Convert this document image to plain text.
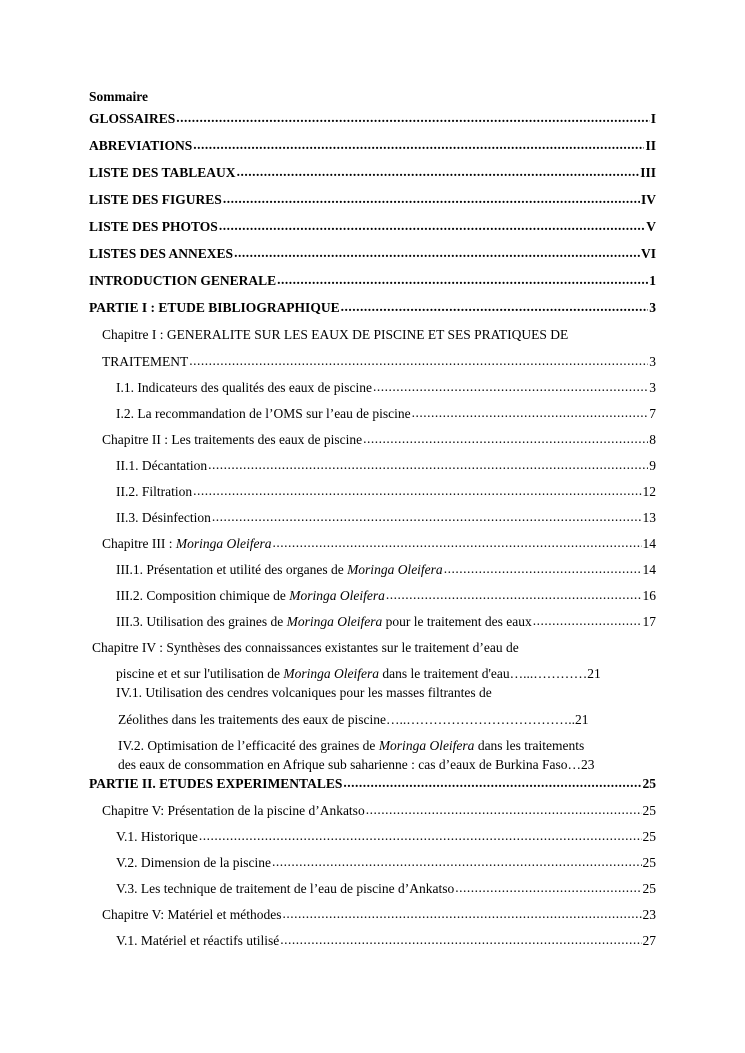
Sommaire
GLOSSAIRES .....	I
ABREVIATIONS .....	II
LISTE DES TABLEAUX .....	III
LISTE DES FIGURES .....	IV
LISTE DES PHOTOS .....	V
LISTES DES ANNEXES .....	VI
INTRODUCTION GENERALE .....	1
PARTIE I : ETUDE BIBLIOGRAPHIQUE .....	3
Chapitre I : GENERALITE SUR LES EAUX DE PISCINE ET SES PRATIQUES DE
TRAITEMENT .....	3
I.1. Indicateurs des qualités des eaux de piscine .....	3
I.2. La recommandation de l’OMS sur l’eau de piscine .....	7
Chapitre II : Les traitements des eaux de piscine .....	8
II.1. Décantation .....	9
II.2. Filtration .....	12
II.3. Désinfection .....	13
Chapitre III : Moringa Oleifera .....	14
III.1. Présentation et utilité des organes de Moringa Oleifera .....	14
III.2. Composition chimique de Moringa Oleifera .....	16
III.3. Utilisation des graines de Moringa Oleifera pour le traitement des eaux .....	17
Chapitre IV : Synthèses des connaissances existantes sur le traitement d’eau de
piscine et et sur l'utilisation de Moringa Oleifera dans le traitement d'eau…...…………21
IV.1. Utilisation des cendres volcaniques pour les masses filtrantes de
Zéolithes dans les traitements des eaux de piscine…..………………………………..21
IV.2. Optimisation de l’efficacité des graines de Moringa Oleifera dans les traitements
des eaux de consommation en Afrique sub saharienne : cas d’eaux de Burkina Faso…23
PARTIE II. ETUDES EXPERIMENTALES .....	25
Chapitre V: Présentation de la piscine d’Ankatso .....	25
V.1. Historique .....	25
V.2. Dimension de la piscine .....	25
V.3. Les technique de traitement de l’eau de piscine d’Ankatso .....	25
Chapitre V: Matériel et méthodes .....	23
V.1. Matériel et réactifs utilisé .....	27
